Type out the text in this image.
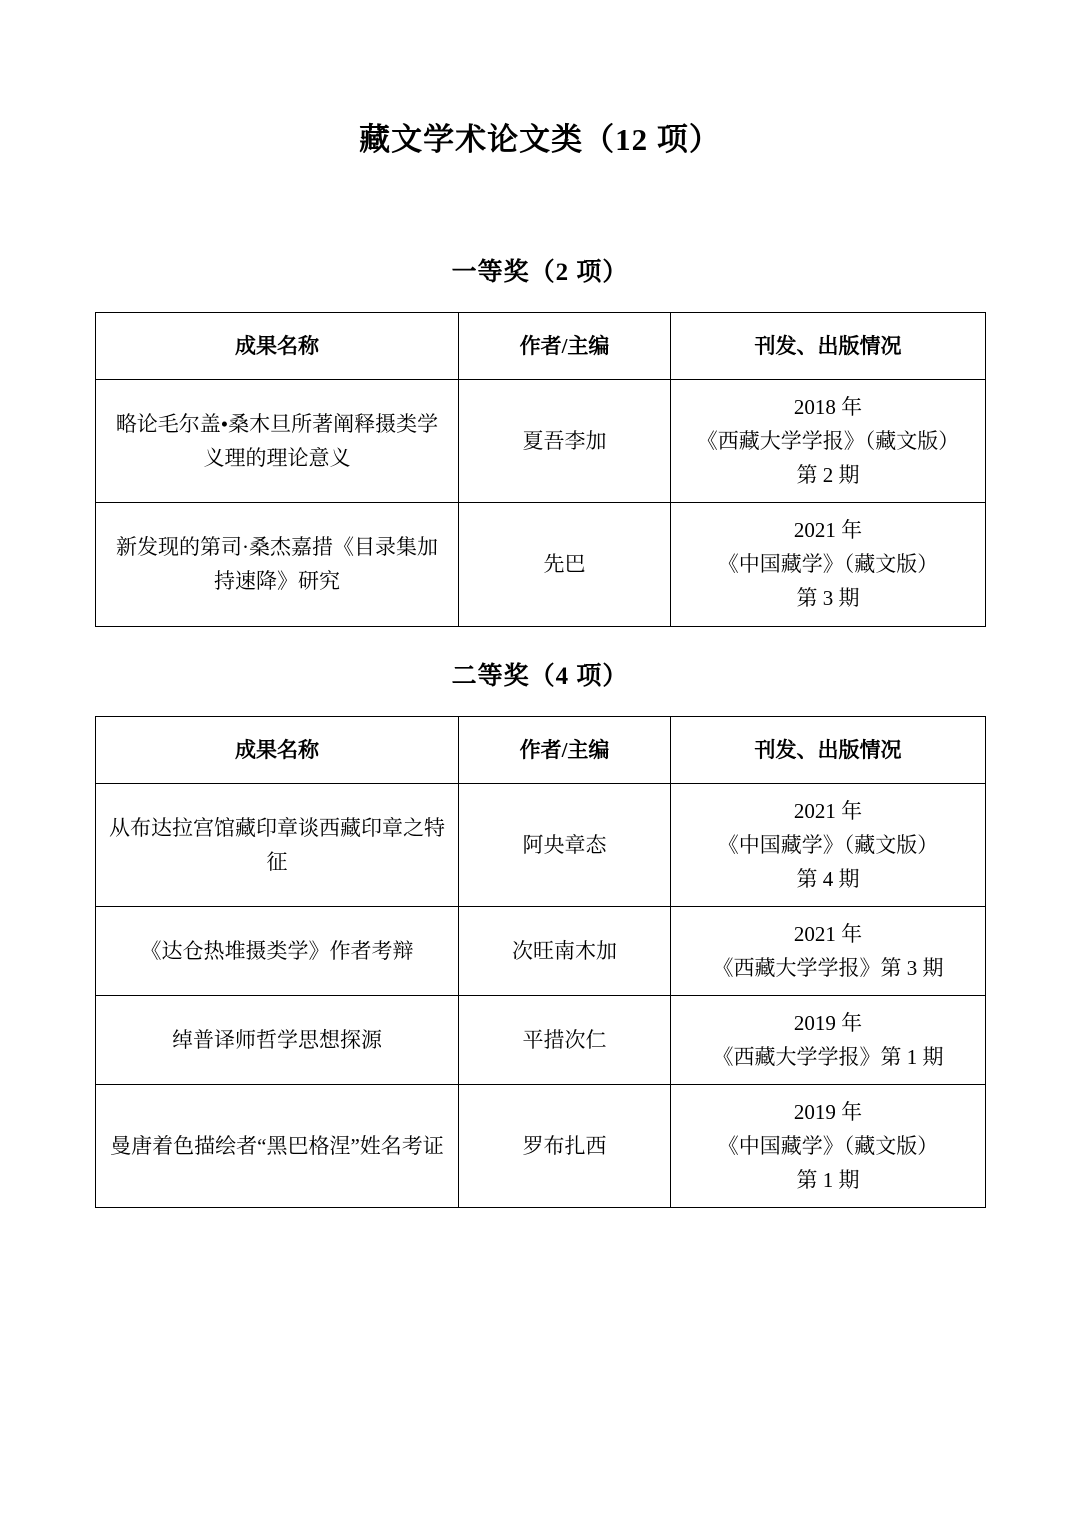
藏文学术论文类（12 项）
一等奖（2 项）
成果名称	作者/主编	刊发、出版情况
略论毛尔盖•桑木旦所著阐释摄类学义理的理论意义	夏吾李加	2018 年
《西藏大学学报》（藏文版）
第 2 期

新发现的第司·桑杰嘉措《目录集加持速降》研究	先巴	2021 年
《中国藏学》（藏文版）
第 3 期
二等奖（4 项）
成果名称	作者/主编	刊发、出版情况
从布达拉宫馆藏印章谈西藏印章之特征	阿央章态	2021 年
《中国藏学》（藏文版）
第 4 期

《达仓热堆摄类学》作者考辩	次旺南木加	2021 年
《西藏大学学报》第 3 期

绰普译师哲学思想探源	平措次仁	2019 年
《西藏大学学报》第 1 期

曼唐着色描绘者“黑巴格涅”姓名考证	罗布扎西	2019 年
《中国藏学》（藏文版）
第 1 期
